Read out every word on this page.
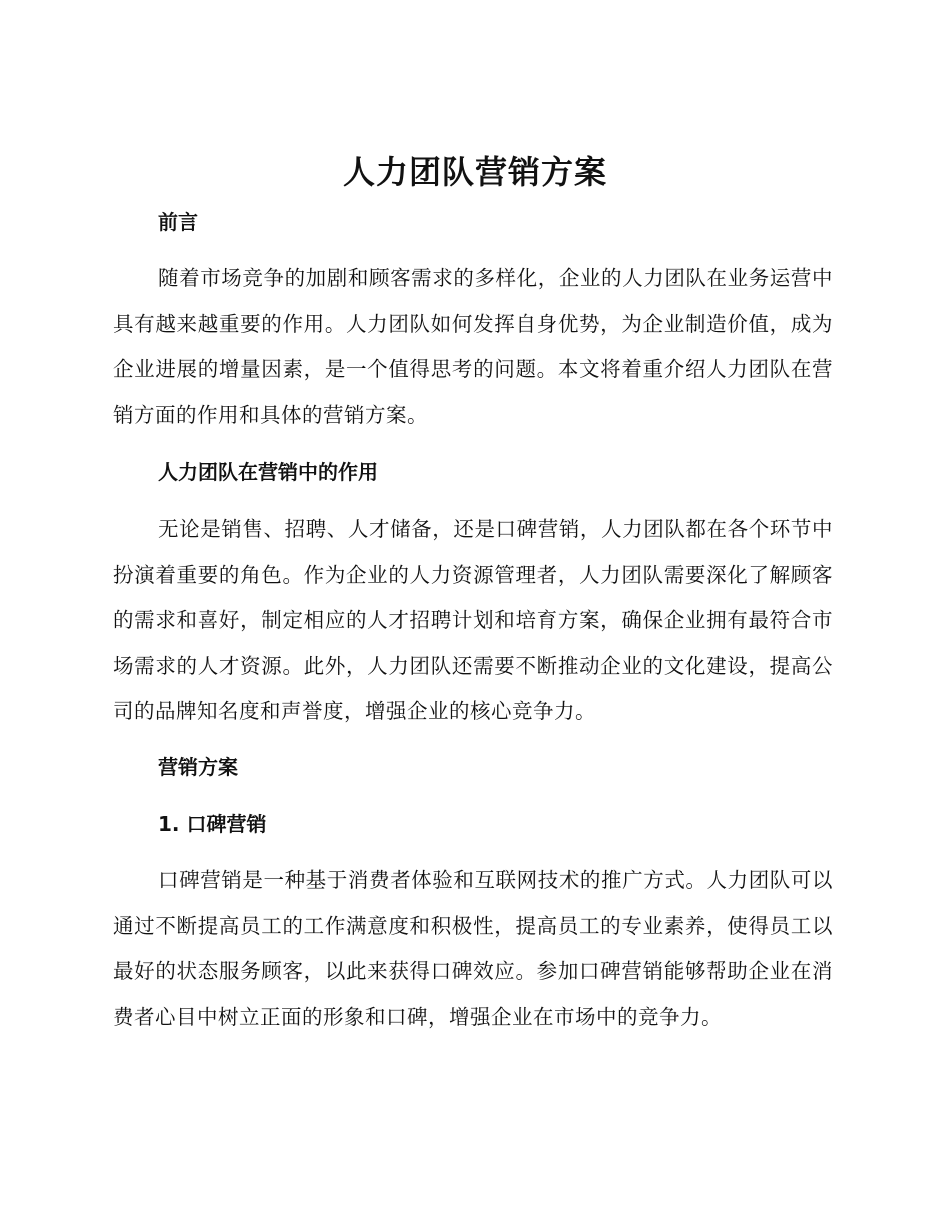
人力团队营销方案
前言

随着市场竞争的加剧和顾客需求的多样化，企业的人力团队在业务运营中具有越来越重要的作用。人力团队如何发挥自身优势，为企业制造价值，成为企业进展的增量因素，是一个值得思考的问题。本文将着重介绍人力团队在营销方面的作用和具体的营销方案。

人力团队在营销中的作用

无论是销售、招聘、人才储备，还是口碑营销，人力团队都在各个环节中扮演着重要的角色。作为企业的人力资源管理者，人力团队需要深化了解顾客的需求和喜好，制定相应的人才招聘计划和培育方案，确保企业拥有最符合市场需求的人才资源。此外，人力团队还需要不断推动企业的文化建设，提高公司的品牌知名度和声誉度，增强企业的核心竞争力。

营销方案
1. 口碑营销

口碑营销是一种基于消费者体验和互联网技术的推广方式。人力团队可以通过不断提高员工的工作满意度和积极性，提高员工的专业素养，使得员工以最好的状态服务顾客，以此来获得口碑效应。参加口碑营销能够帮助企业在消费者心目中树立正面的形象和口碑，增强企业在市场中的竞争力。
